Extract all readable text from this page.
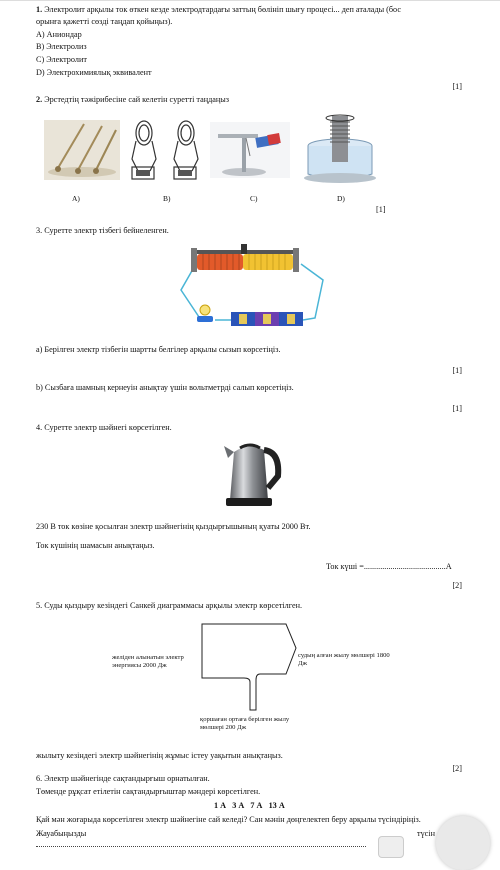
1. Электролит арқылы ток өткен кезде электродтардағы заттың бөлініп шығу процесі... деп аталады (бос
орынға қажетті сөзді таңдап қойыңыз).
А) Аниондар
В) Электролиз
С) Электролит
D) Электрохимиялық эквивалент
[1]
2. Эрстедтің тәжірибесіне сай келетін суретті таңдаңыз
А)	В)	С)	D)
[1]
3. Суретте электр тізбегі бейнеленген.
а) Берілген электр тізбегін шартты белгілер арқылы сызып көрсетіңіз.
[1]
b) Сызбаға шамның кернеуін анықтау үшін вольтметрді салып көрсетіңіз.
[1]
4. Суретте электр шәйнегі көрсетілген.
230 В ток көзіне қосылған электр шәйнегінің қыздырғышының қуаты 2000 Вт.
Ток күшінің шамасын анықтаңыз.
Ток күші =........................................А
[2]
5. Суды қыздыру кезіндегі Санкей диаграммасы арқылы электр көрсетілген.
желіден алынатын электр энергиясы 2000 Дж
судың алған жылу мөлшері 1800 Дж
қоршаған ортаға берілген жылу мөлшері 200 Дж
жылыту кезіндегі электр шәйнегінің жұмыс істеу уақытын анықтаңыз.
[2]
6. Электр шәйнегінде сақтандырғыш орнатылған.
Төменде рұқсат етілетін сақтандырғыштар мәндері көрсетілген.
1 А   3 А   7 А   13 А
Қай мән жоғарыда көрсетілген электр шәйнегіне сай келеді? Сан мәнін дөңгелектеп беру арқылы түсіндіріңіз.
Жауабыңызды	түсін
